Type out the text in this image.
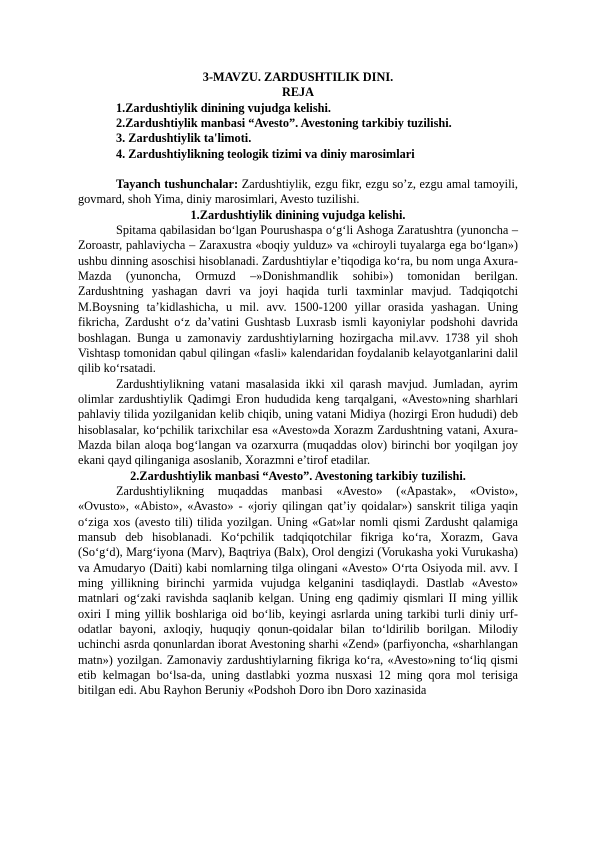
3-MAVZU. ZARDUSHTILIK DINI.
REJA
1.Zardushtiylik dinining vujudga kelishi.
2.Zardushtiylik manbasi “Avesto”. Avestoning tarkibiy tuzilishi.
3. Zardushtiylik ta'limoti.
4. Zardushtiylikning teologik tizimi va diniy marosimlari

Tayanch tushunchalar: Zardushtiylik, ezgu fikr, ezgu so’z, ezgu amal tamoyili, govmard, shoh Yima, diniy marosimlari, Avesto tuzilishi.

1.Zardushtiylik dinining vujudga kelishi.

Spitama qabilasidan bo‘lgan Pourushaspa o‘g‘li Ashoga Zaratushtra (yunoncha – Zoroastr, pahlaviycha – Zaraxustra «boqiy yulduz» va «chiroyli tuyalarga ega bo‘lgan») ushbu dinning asoschisi hisoblanadi. Zardushtiylar e’tiqodiga ko‘ra, bu nom unga Axura-Mazda (yunoncha, Ormuzd –»Donishmandlik sohibi») tomonidan berilgan. Zardushtning yashagan davri va joyi haqida turli taxminlar mavjud. Tadqiqotchi M.Boysning ta’kidlashicha, u mil. avv. 1500-1200 yillar orasida yashagan. Uning fikricha, Zardusht o‘z da’vatini Gushtasb Luxrasb ismli kayoniylar podshohi davrida boshlagan. Bunga u zamonaviy zardushtiylarning hozirgacha mil.avv. 1738 yil shoh Vishtasp tomonidan qabul qilingan «fasli» kalendaridan foydalanib kelayotganlarini dalil qilib ko‘rsatadi.

Zardushtiylikning vatani masalasida ikki xil qarash mavjud. Jumladan, ayrim olimlar zardushtiylik Qadimgi Eron hududida keng tarqalgani, «Avesto»ning sharhlari pahlaviy tilida yozilganidan kelib chiqib, uning vatani Midiya (hozirgi Eron hududi) deb hisoblasalar, ko‘pchilik tarixchilar esa «Avesto»da Xorazm Zardushtning vatani, Axura-Mazda bilan aloqa bog‘langan va ozarxurra (muqaddas olov) birinchi bor yoqilgan joy ekani qayd qilinganiga asoslanib, Xorazmni e’tirof etadilar.

2.Zardushtiylik manbasi “Avesto”. Avestoning tarkibiy tuzilishi.

Zardushtiylikning muqaddas manbasi «Avesto» («Apastak», «Ovisto», «Ovusto», «Abisto», «Avasto» - «joriy qilingan qat’iy qoidalar») sanskrit tiliga yaqin o‘ziga xos (avesto tili) tilida yozilgan. Uning «Gat»lar nomli qismi Zardusht qalamiga mansub deb hisoblanadi. Ko‘pchilik tadqiqotchilar fikriga ko‘ra, Xorazm, Gava (So‘g‘d), Marg‘iyona (Marv), Baqtriya (Balx), Orol dengizi (Vorukasha yoki Vurukasha) va Amudaryo (Daiti) kabi nomlarning tilga olingani «Avesto» O‘rta Osiyoda mil. avv. I ming yillikning birinchi yarmida vujudga kelganini tasdiqlaydi. Dastlab «Avesto» matnlari og‘zaki ravishda saqlanib kelgan. Uning eng qadimiy qismlari II ming yillik oxiri I ming yillik boshlariga oid bo‘lib, keyingi asrlarda uning tarkibi turli diniy urf-odatlar bayoni, axloqiy, huquqiy qonun-qoidalar bilan to‘ldirilib borilgan. Milodiy uchinchi asrda qonunlardan iborat Avestoning sharhi «Zend» (parfiyoncha, «sharhlangan matn») yozilgan. Zamonaviy zardushtiylarning fikriga ko‘ra, «Avesto»ning to‘liq qismi etib kelmagan bo‘lsa-da, uning dastlabki yozma nusxasi 12 ming qora mol terisiga bitilgan edi. Abu Rayhon Beruniy «Podshoh Doro ibn Doro xazinasida
